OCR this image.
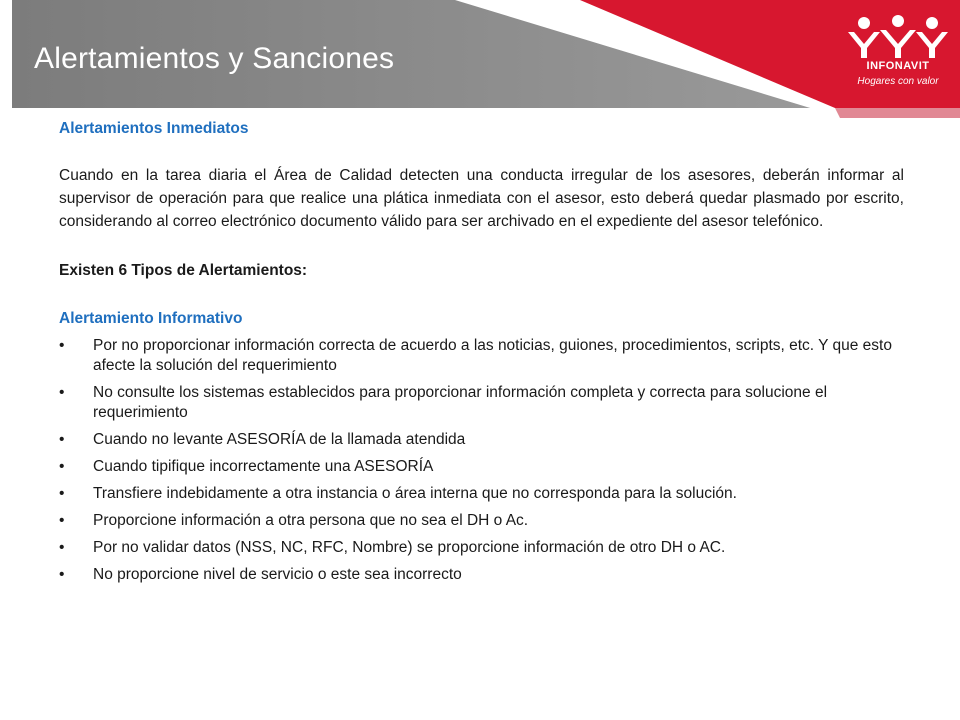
Alertamientos y Sanciones	INFONAVIT
Hogares con valor

Alertamientos Inmediatos

Cuando en la tarea diaria el Área de Calidad detecten una conducta irregular de los asesores, deberán informar al supervisor de operación para que realice una plática inmediata con el asesor, esto deberá quedar plasmado por escrito, considerando al correo electrónico documento válido para ser archivado en el expediente del asesor telefónico.

Existen 6 Tipos de Alertamientos:

Alertamiento Informativo

• Por no proporcionar información correcta de acuerdo a las noticias, guiones, procedimientos, scripts, etc. Y que esto afecte la solución del requerimiento
• No consulte los sistemas establecidos para proporcionar información completa y correcta para solucione el requerimiento
• Cuando no levante ASESORÍA de la llamada atendida
• Cuando tipifique incorrectamente una ASESORÍA
• Transfiere indebidamente a otra instancia o área interna que no corresponda para la solución.
• Proporcione información a otra persona que no sea el DH o Ac.
• Por no validar datos (NSS, NC, RFC, Nombre) se proporcione información de otro DH o AC.
• No proporcione nivel de servicio o este sea incorrecto
